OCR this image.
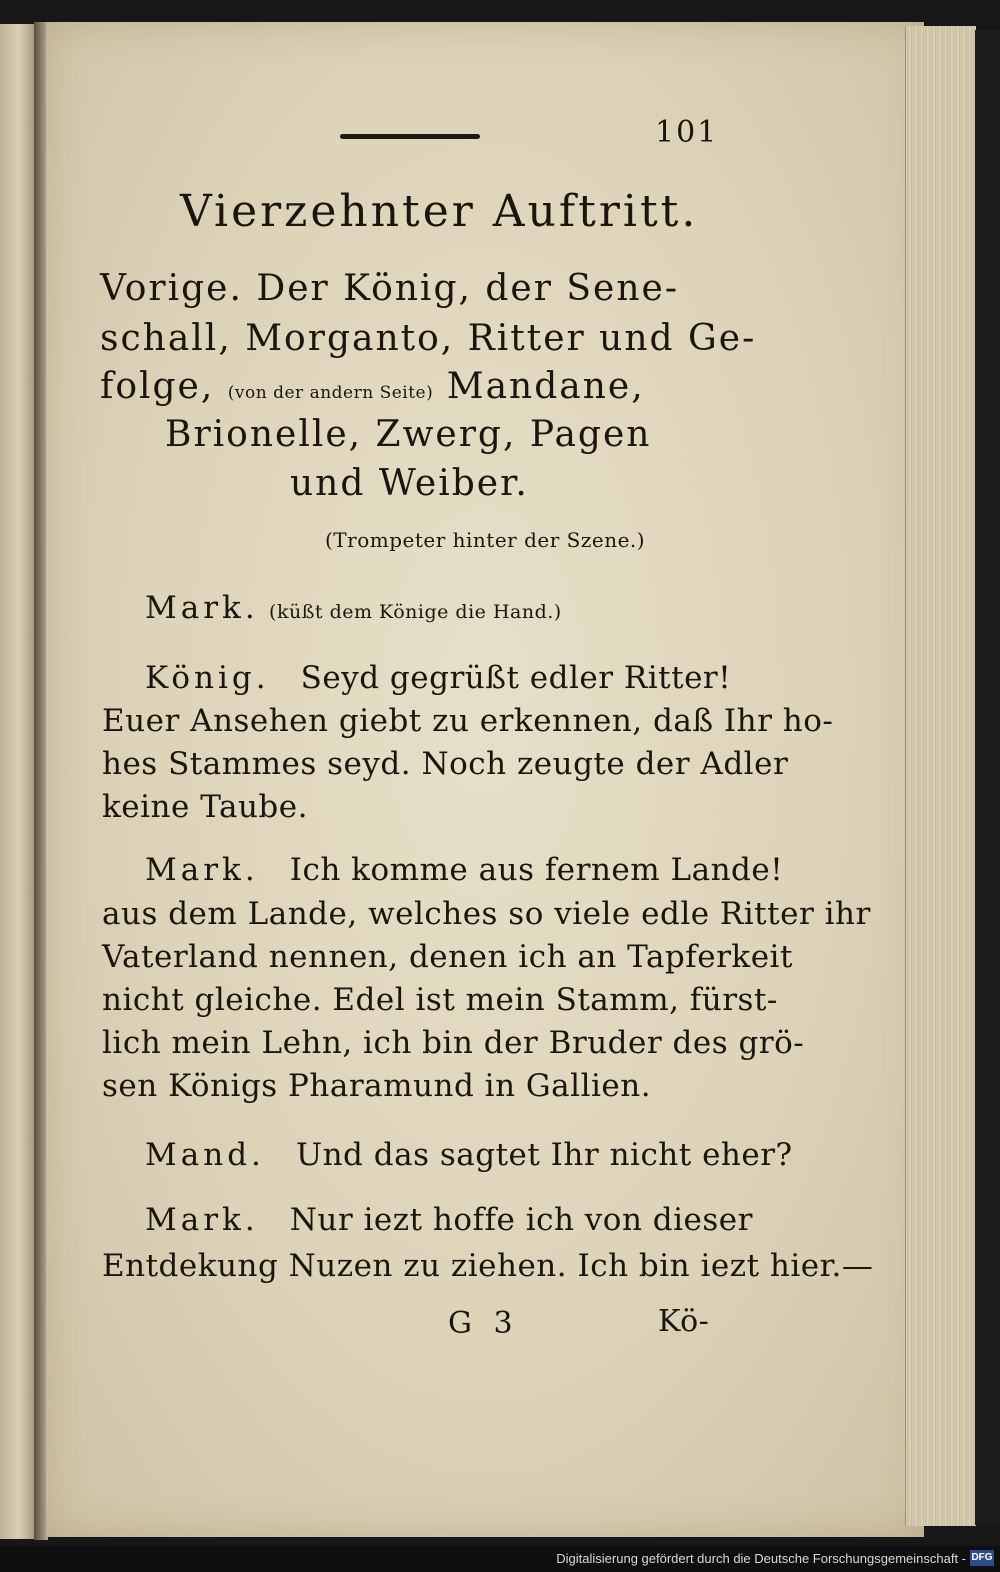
101
Vierzehnter Auftritt.
Vorige. Der König, der Sene-
schall, Morganto, Ritter und Ge-
folge, (von der andern Seite) Mandane,
Brionelle, Zwerg, Pagen
und Weiber.
(Trompeter hinter der Szene.)
Mark. (küßt dem Könige die Hand.)
König. Seyd gegrüßt edler Ritter!
Euer Ansehen giebt zu erkennen, daß Ihr ho-
hes Stammes seyd. Noch zeugte der Adler
keine Taube.
Mark. Ich komme aus fernem Lande!
aus dem Lande, welches so viele edle Ritter ihr
Vaterland nennen, denen ich an Tapferkeit
nicht gleiche. Edel ist mein Stamm, fürst-
lich mein Lehn, ich bin der Bruder des grö-
sen Königs Pharamund in Gallien.
Mand. Und das sagtet Ihr nicht eher?
Mark. Nur iezt hoffe ich von dieser
Entdekung Nuzen zu ziehen. Ich bin iezt hier.—
G 3	Kö-
Digitalisierung gefördert durch die Deutsche Forschungsgemeinschaft - DFG
